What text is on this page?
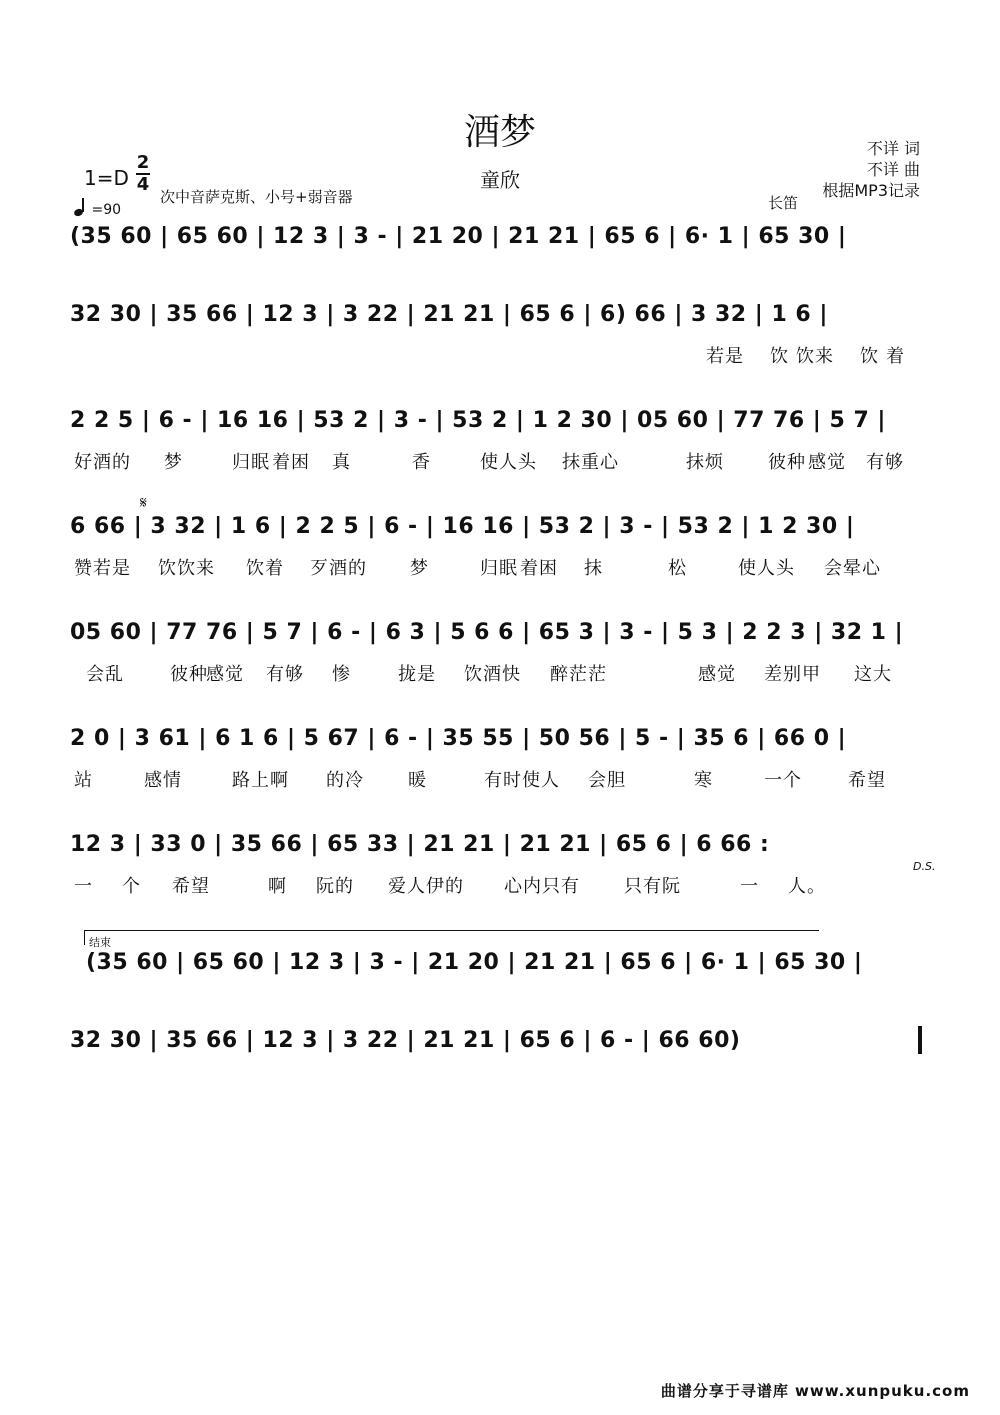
酒梦
童欣
不详 词
不详 曲
根据MP3记录
1=D
2
4
次中音萨克斯、小号+弱音器	长笛
=90
(35 60 | 65 60 | 12 3 | 3 - | 21 20 | 21 21 | 65 6 | 6· 1 | 65 30 |
32 30 | 35 66 | 12 3 | 3 22 | 21 21 | 65 6 | 6) 66 | 3 32 | 1 6 |
2 2 5 | 6 - | 16 16 | 53 2 | 3 - | 53 2 | 1 2 30 | 05 60 | 77 76 | 5 7 |
6 66 | 3 32 | 1 6 | 2 2 5 | 6 - | 16 16 | 53 2 | 3 - | 53 2 | 1 2 30 |
05 60 | 77 76 | 5 7 | 6 - | 6 3 | 5 6 6 | 65 3 | 3 - | 5 3 | 2 2 3 | 32 1 |
2 0 | 3 61 | 6 1 6 | 5 67 | 6 - | 35 55 | 50 56 | 5 - | 35 6 | 66 0 |
12 3 | 33 0 | 35 66 | 65 33 | 21 21 | 21 21 | 65 6 | 6 66 :
(35 60 | 65 60 | 12 3 | 3 - | 21 20 | 21 21 | 65 6 | 6· 1 | 65 30 |
32 30 | 35 66 | 12 3 | 3 22 | 21 21 | 65 6 | 6 - | 66 60)
𝄋
D.S.
结束
若是 饮 饮来 饮 着
好酒的 梦	归眠 着困 真	香	使人头 抹重心	抹烦 彼种 感觉 有够
赞若是 饮饮来 饮着 歹酒的 梦	归眠 着困 抹	松	使人头 会晕心
会乱	彼种
感觉 有够 惨	拢是 饮酒快 醉茫茫	感觉 差别甲 这大
站	感情	路上啊 的冷 暖	有时使人 会胆	寒	一个	希望
一 个 希望	啊 阮的 爱人伊的 心内只有 只有阮	一 人。
曲谱分享于寻谱库 www.xunpuku.com
